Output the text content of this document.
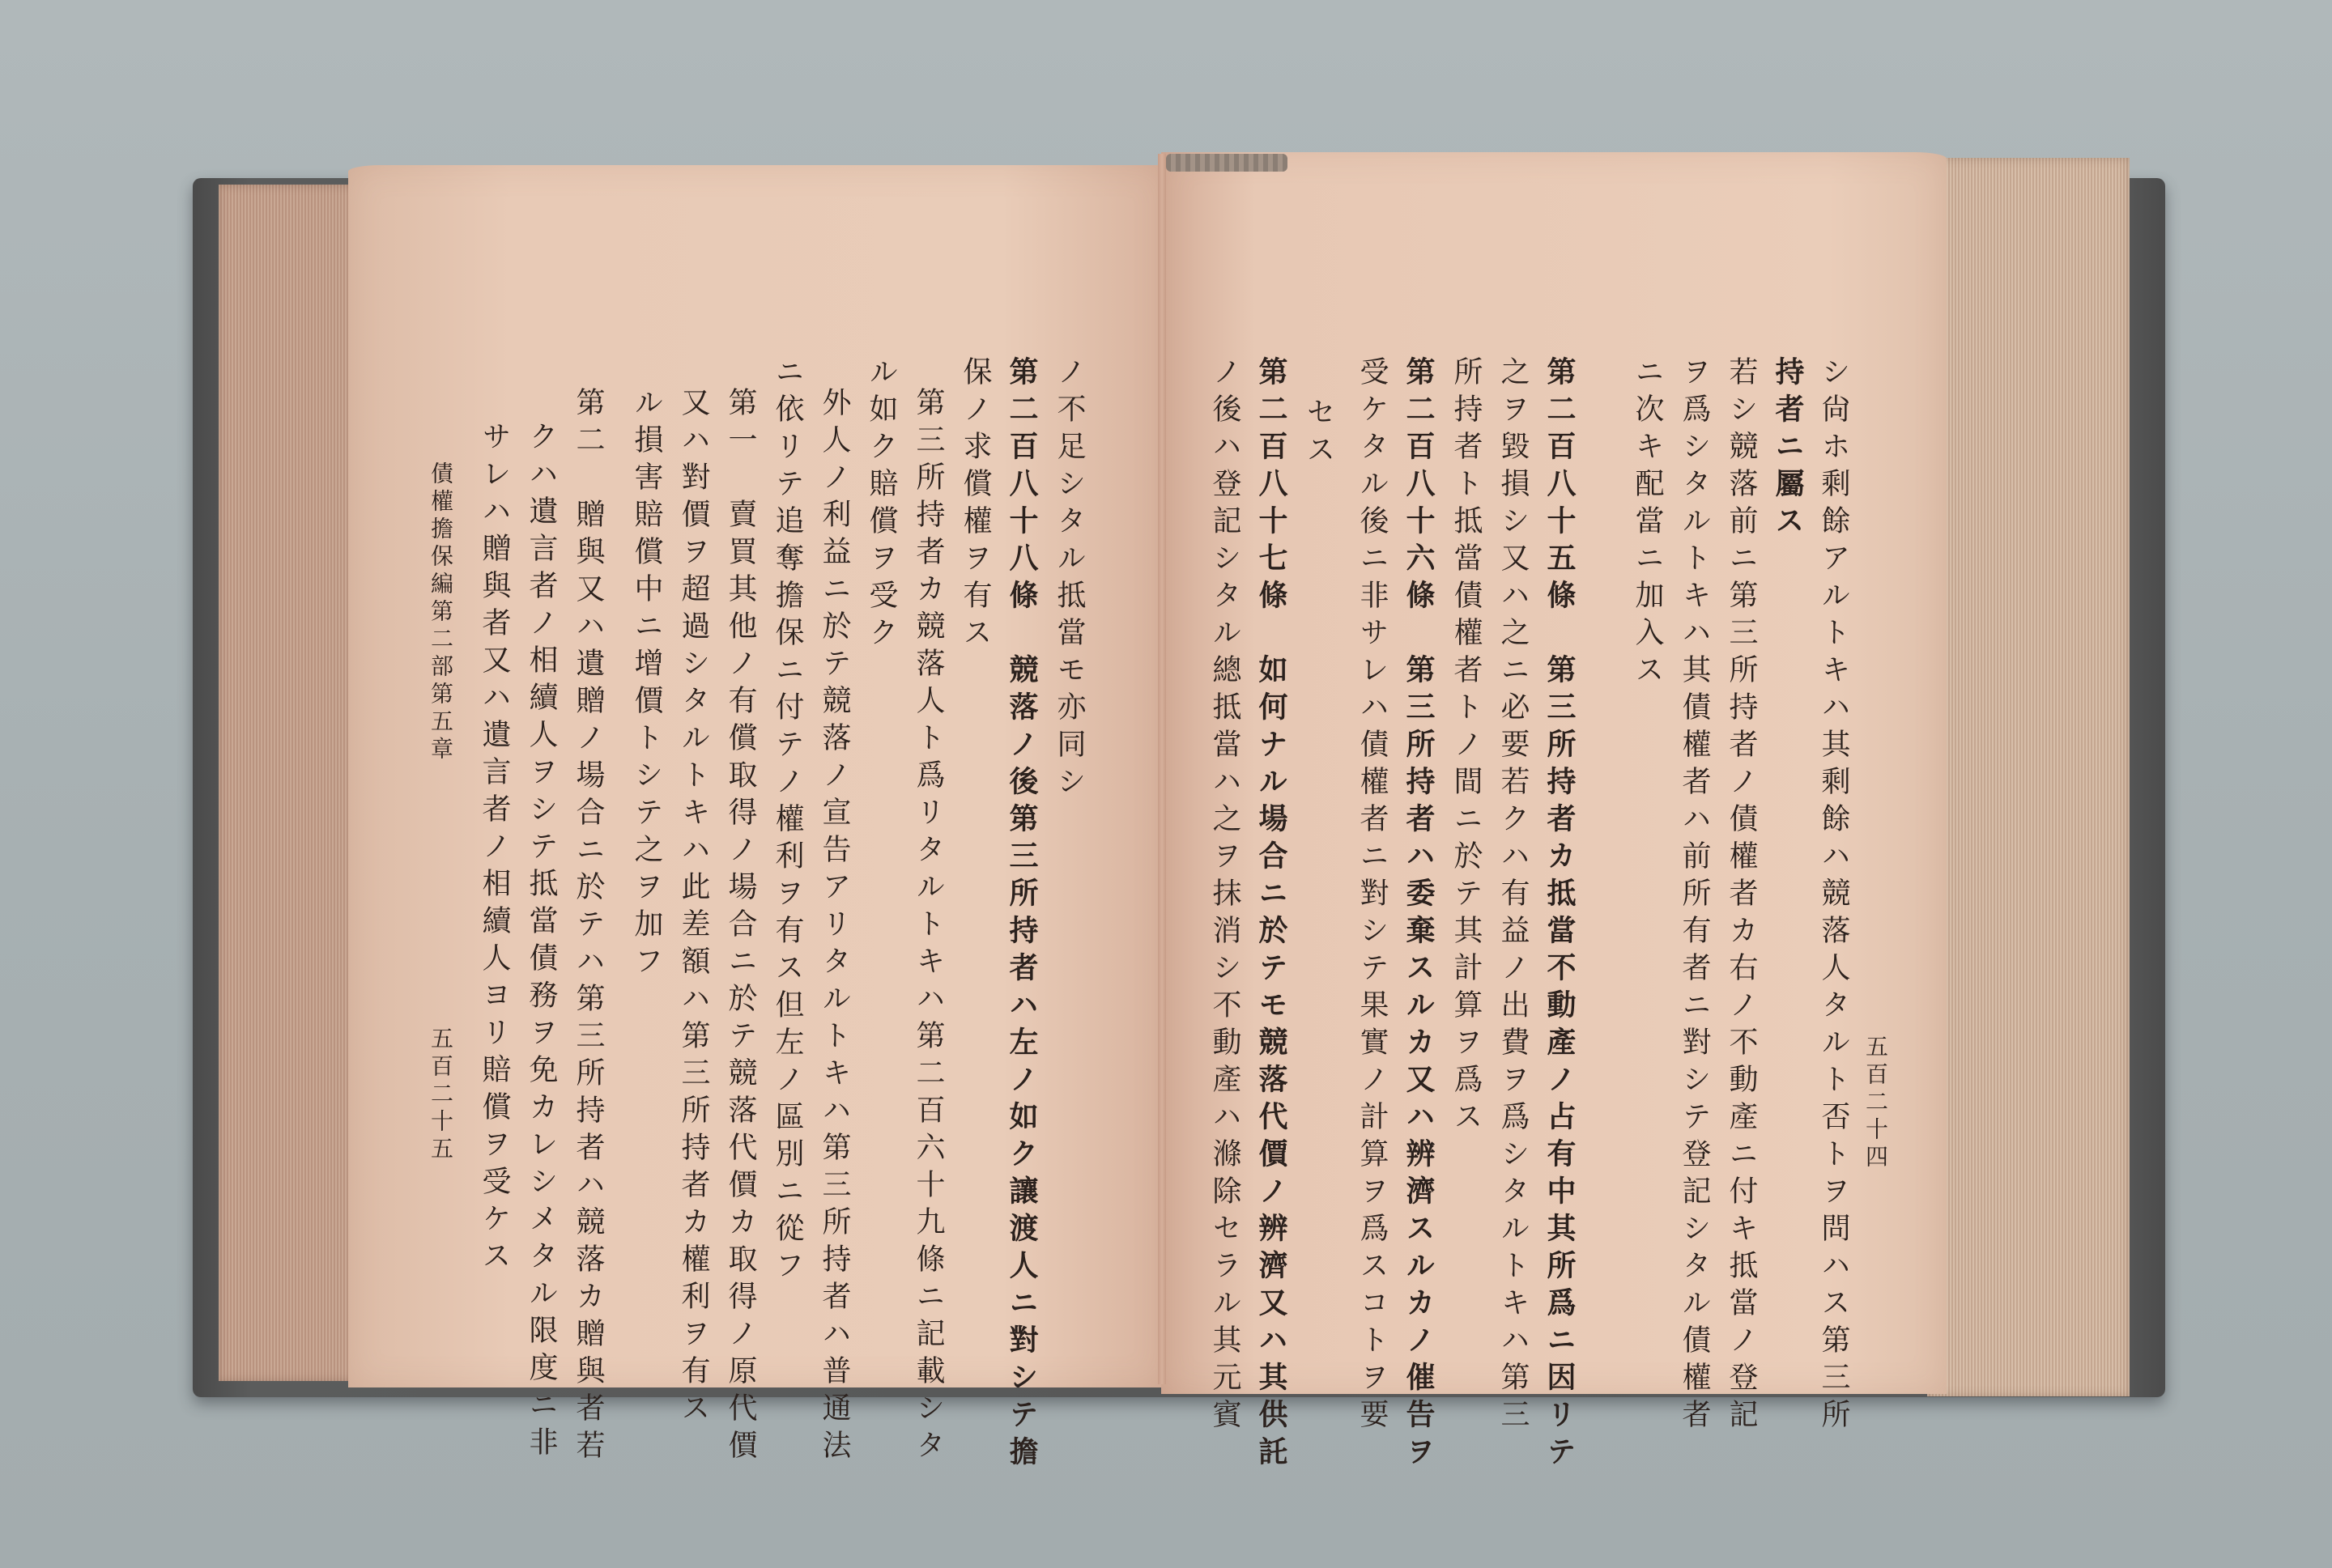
五百二十四
シ尙ホ剩餘アルトキハ其剩餘ハ競落人タルト否トヲ問ハス第三所
持者ニ屬ス
若シ競落前ニ第三所持者ノ債權者カ右ノ不動產ニ付キ抵當ノ登記
ヲ爲シタルトキハ其債權者ハ前所有者ニ對シテ登記シタル債權者
ニ次キ配當ニ加入ス
第二百八十五條　第三所持者カ抵當不動產ノ占有中其所爲ニ因リテ
之ヲ毀損シ又ハ之ニ必要若クハ有益ノ出費ヲ爲シタルトキハ第三
所持者ト抵當債權者トノ間ニ於テ其計算ヲ爲ス
セス 第二百八十六條　第三所持者ハ委棄スルカ又ハ辨濟スルカノ催告ヲ
受ケタル後ニ非サレハ債權者ニ對シテ果實ノ計算ヲ爲スコトヲ要
第二百八十七條　如何ナル場合ニ於テモ競落代價ノ辨濟又ハ其供託
ノ後ハ登記シタル總抵當ハ之ヲ抹消シ不動產ハ滌除セラル其元賓
ノ不足シタル抵當モ亦同シ
第二百八十八條　競落ノ後第三所持者ハ左ノ如ク讓渡人ニ對シテ擔
保ノ求償權ヲ有ス
第三所持者カ競落人ト爲リタルトキハ第二百六十九條ニ記載シタ
ル如ク賠償ヲ受ク
外人ノ利益ニ於テ競落ノ宣告アリタルトキハ第三所持者ハ普通法
ニ依リテ追奪擔保ニ付テノ權利ヲ有ス但左ノ區別ニ從フ
第一　賣買其他ノ有償取得ノ場合ニ於テ競落代價カ取得ノ原代價
又ハ對價ヲ超過シタルトキハ此差額ハ第三所持者カ權利ヲ有ス
ル損害賠償中ニ增價トシテ之ヲ加フ
第二　贈與又ハ遺贈ノ場合ニ於テハ第三所持者ハ競落カ贈與者若
クハ遺言者ノ相續人ヲシテ抵當債務ヲ免カレシメタル限度ニ非
サレハ贈與者又ハ遺言者ノ相續人ヨリ賠償ヲ受ケス
債權擔保編第二部第五章
五百二十五
